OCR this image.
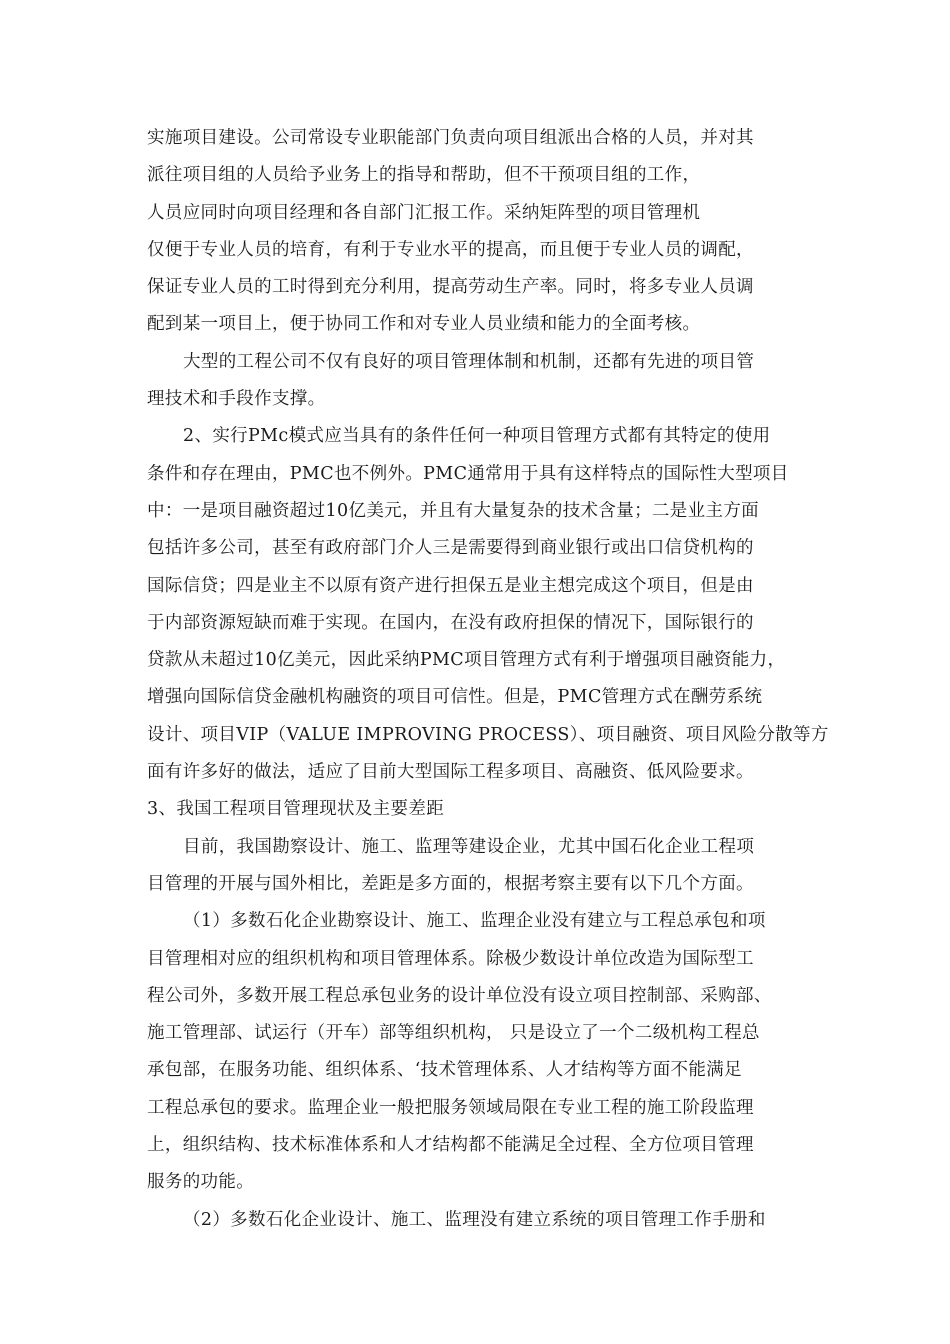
实施项目建设。公司常设专业职能部门负责向项目组派出合格的人员，并对其
派往项目组的人员给予业务上的指导和帮助，但不干预项目组的工作，
人员应同时向项目经理和各自部门汇报工作。采纳矩阵型的项目管理机
仅便于专业人员的培育，有利于专业水平的提高，而且便于专业人员的调配，
保证专业人员的工时得到充分利用，提高劳动生产率。同时，将多专业人员调
配到某一项目上，便于协同工作和对专业人员业绩和能力的全面考核。
大型的工程公司不仅有良好的项目管理体制和机制，还都有先进的项目管
理技术和手段作支撑。
2、实行PMc模式应当具有的条件任何一种项目管理方式都有其特定的使用
条件和存在理由，PMC也不例外。PMC通常用于具有这样特点的国际性大型项目
中：一是项目融资超过10亿美元，并且有大量复杂的技术含量；二是业主方面
包括许多公司，甚至有政府部门介人三是需要得到商业银行或出口信贷机构的
国际信贷；四是业主不以原有资产进行担保五是业主想完成这个项目，但是由
于内部资源短缺而难于实现。在国内，在没有政府担保的情况下，国际银行的
贷款从未超过10亿美元，因此采纳PMC项目管理方式有利于增强项目融资能力，
增强向国际信贷金融机构融资的项目可信性。但是，PMC管理方式在酬劳系统
设计、项目VIP（VALUE IMPROVING PROCESS）、项目融资、项目风险分散等方
面有许多好的做法，适应了目前大型国际工程多项目、高融资、低风险要求。
3、我国工程项目管理现状及主要差距
目前，我国勘察设计、施工、监理等建设企业，尤其中国石化企业工程项
目管理的开展与国外相比，差距是多方面的，根据考察主要有以下几个方面。
（1）多数石化企业勘察设计、施工、监理企业没有建立与工程总承包和项
目管理相对应的组织机构和项目管理体系。除极少数设计单位改造为国际型工
程公司外，多数开展工程总承包业务的设计单位没有设立项目控制部、采购部、
施工管理部、试运行（开车）部等组织机构， 只是设立了一个二级机构工程总
承包部，在服务功能、组织体系、‘技术管理体系、人才结构等方面不能满足
工程总承包的要求。监理企业一般把服务领域局限在专业工程的施工阶段监理
上，组织结构、技术标准体系和人才结构都不能满足全过程、全方位项目管理
服务的功能。
（2）多数石化企业设计、施工、监理没有建立系统的项目管理工作手册和
